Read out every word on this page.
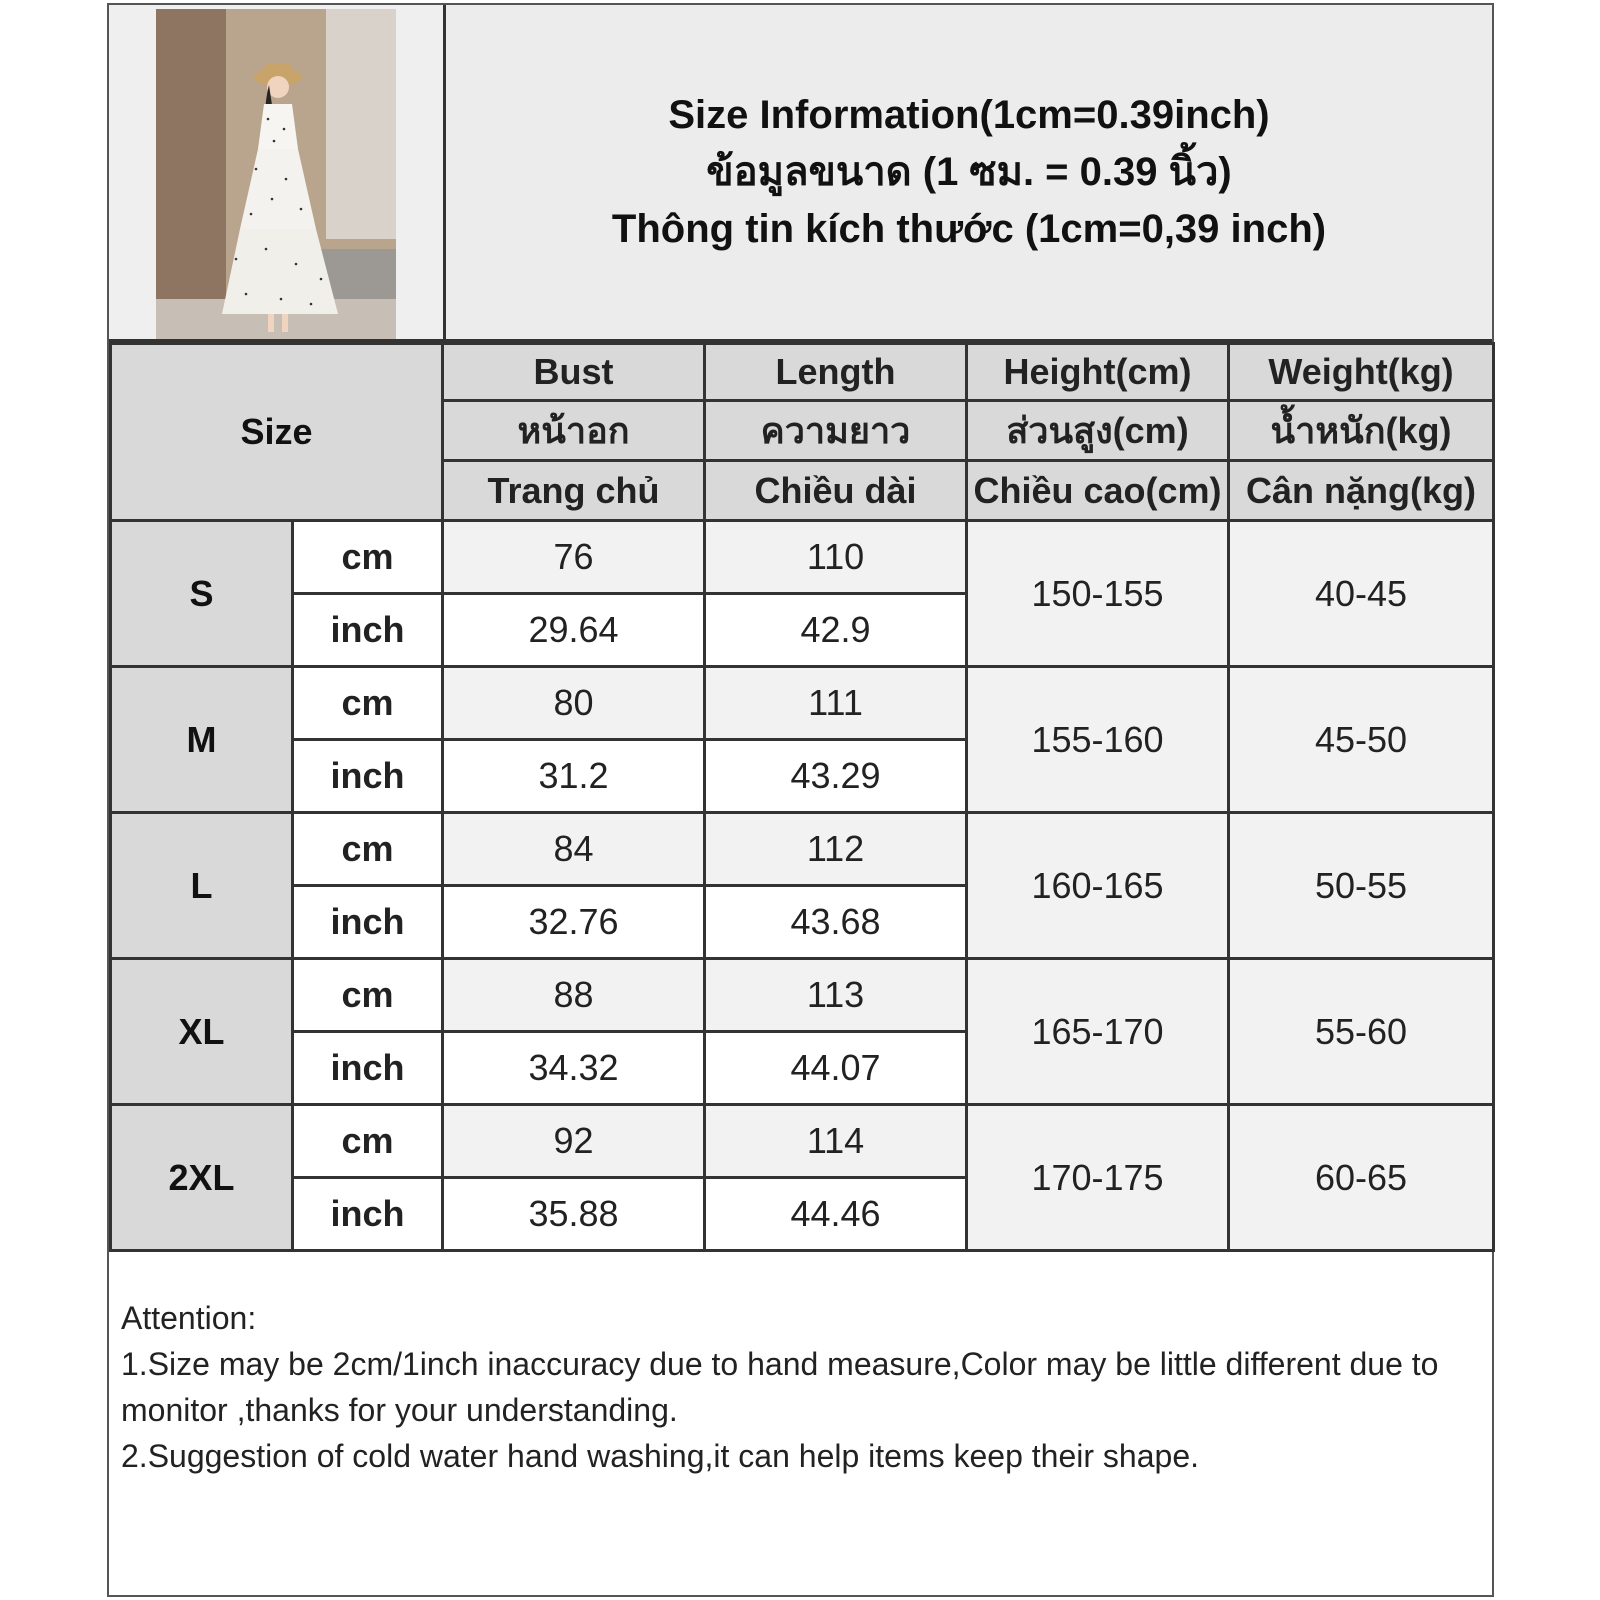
Size Information(1cm=0.39inch)
ข้อมูลขนาด (1 ซม. = 0.39 นิ้ว)
Thông tin kích thước (1cm=0,39 inch)
Size		Bust	Length	Height(cm)	Weight(kg)
		หน้าอก	ความยาว	ส่วนสูง(cm)	น้ำหนัก(kg)
		Trang chủ	Chiều dài	Chiều cao(cm)	Cân nặng(kg)
S	cm	76	110	150-155	40-45
	inch	29.64	42.9		
M	cm	80	111	155-160	45-50
	inch	31.2	43.29		
L	cm	84	112	160-165	50-55
	inch	32.76	43.68		
XL	cm	88	113	165-170	55-60
	inch	34.32	44.07		
2XL	cm	92	114	170-175	60-65
	inch	35.88	44.46		

Attention:

1.Size may be 2cm/1inch inaccuracy due to hand measure,Color may be little different due to monitor ,thanks for your understanding.

2.Suggestion of cold water hand washing,it can help items keep their shape.
